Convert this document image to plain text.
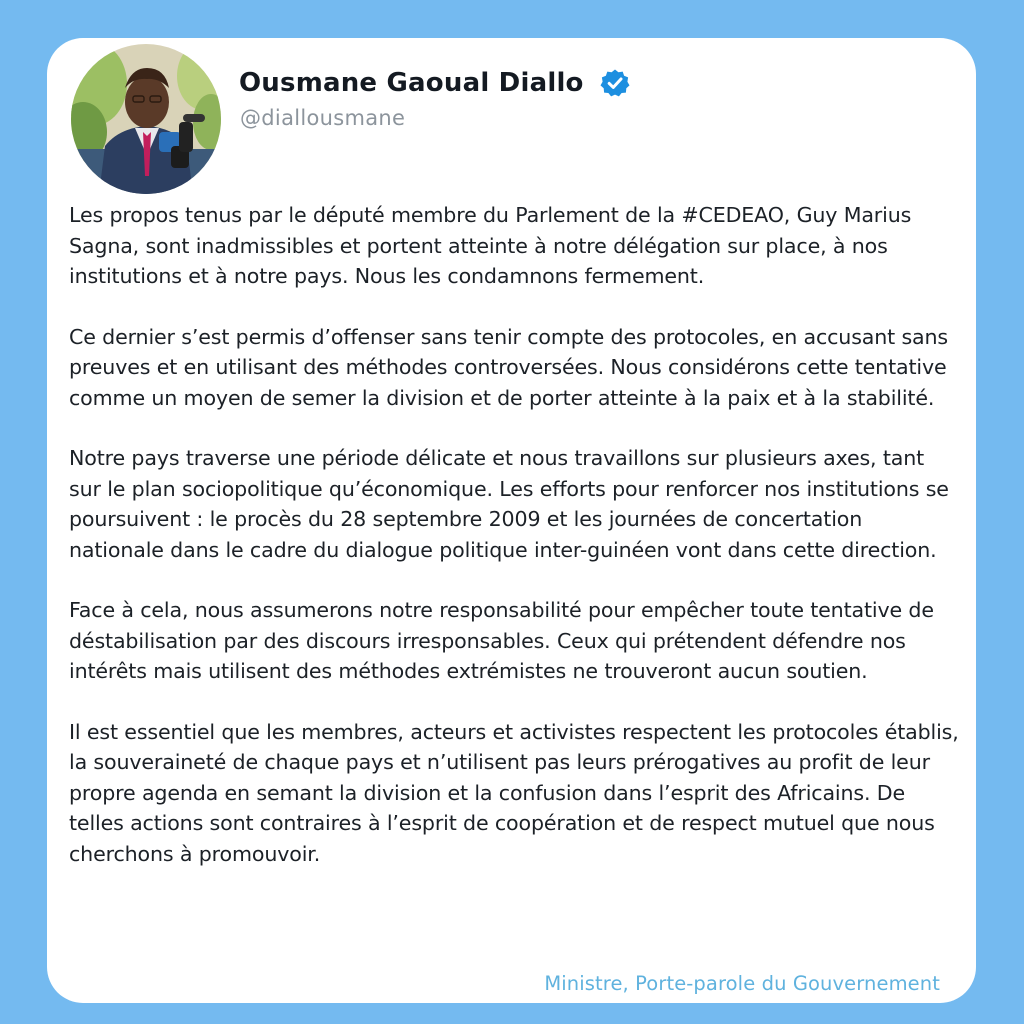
Ousmane Gaoual Diallo
@diallousmane

Les propos tenus par le député membre du Parlement de la #CEDEAO, Guy Marius Sagna, sont inadmissibles et portent atteinte à notre délégation sur place, à nos institutions et à notre pays. Nous les condamnons fermement.

Ce dernier s’est permis d’offenser sans tenir compte des protocoles, en accusant sans preuves et en utilisant des méthodes controversées. Nous considérons cette tentative comme un moyen de semer la division et de porter atteinte à la paix et à la stabilité.

Notre pays traverse une période délicate et nous travaillons sur plusieurs axes, tant sur le plan sociopolitique qu’économique. Les efforts pour renforcer nos institutions se poursuivent : le procès du 28 septembre 2009 et les journées de concertation nationale dans le cadre du dialogue politique inter-guinéen vont dans cette direction.

Face à cela, nous assumerons notre responsabilité pour empêcher toute tentative de déstabilisation par des discours irresponsables. Ceux qui prétendent défendre nos intérêts mais utilisent des méthodes extrémistes ne trouveront aucun soutien.

Il est essentiel que les membres, acteurs et activistes respectent les protocoles établis, la souveraineté de chaque pays et n’utilisent pas leurs prérogatives au profit de leur propre agenda en semant la division et la confusion dans l’esprit des Africains. De telles actions sont contraires à l’esprit de coopération et de respect mutuel que nous cherchons à promouvoir.

Ministre, Porte-parole du Gouvernement
